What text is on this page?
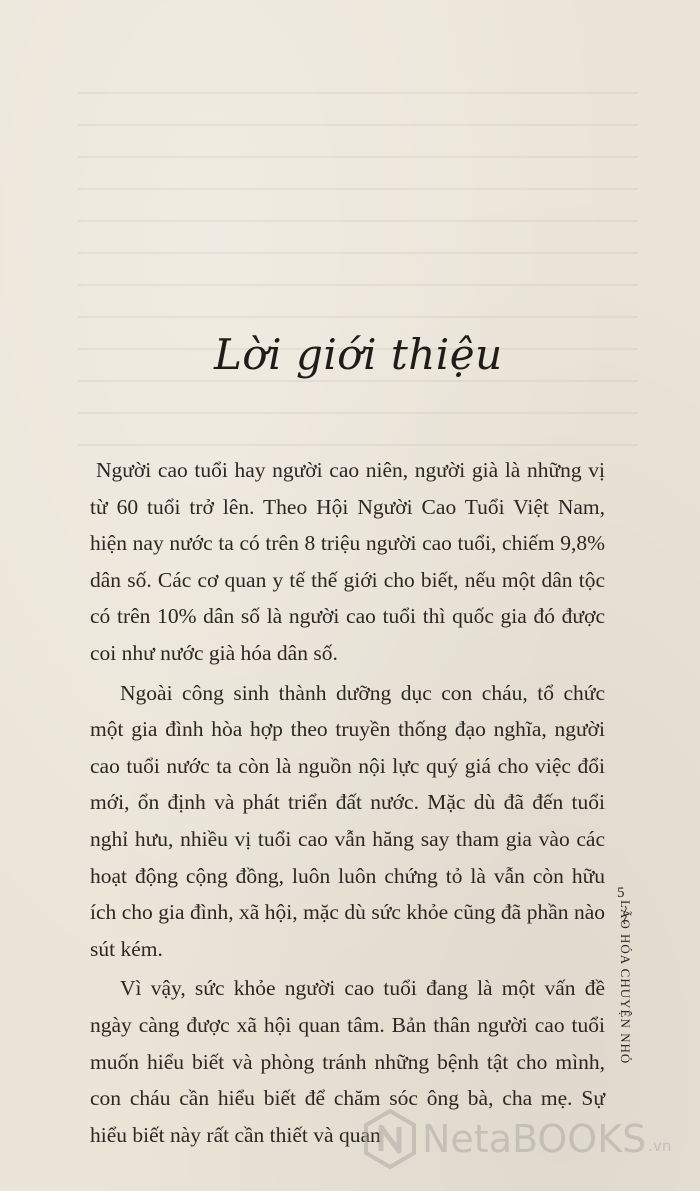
Lời giới thiệu

Người cao tuổi hay người cao niên, người già là những vị từ 60 tuổi trở lên. Theo Hội Người Cao Tuổi Việt Nam, hiện nay nước ta có trên 8 triệu người cao tuổi, chiếm 9,8% dân số. Các cơ quan y tế thế giới cho biết, nếu một dân tộc có trên 10% dân số là người cao tuổi thì quốc gia đó được coi như nước già hóa dân số.

Ngoài công sinh thành dưỡng dục con cháu, tổ chức một gia đình hòa hợp theo truyền thống đạo nghĩa, người cao tuổi nước ta còn là nguồn nội lực quý giá cho việc đổi mới, ổn định và phát triển đất nước. Mặc dù đã đến tuổi nghỉ hưu, nhiều vị tuổi cao vẫn hăng say tham gia vào các hoạt động cộng đồng, luôn luôn chứng tỏ là vẫn còn hữu ích cho gia đình, xã hội, mặc dù sức khỏe cũng đã phần nào sút kém.

Vì vậy, sức khỏe người cao tuổi đang là một vấn đề ngày càng được xã hội quan tâm. Bản thân người cao tuổi muốn hiểu biết và phòng tránh những bệnh tật cho mình, con cháu cần hiểu biết để chăm sóc ông bà, cha mẹ. Sự hiểu biết này rất cần thiết và quan

5
LÃO HÓA CHUYỆN NHỎ
NetaBOOKS .vn
